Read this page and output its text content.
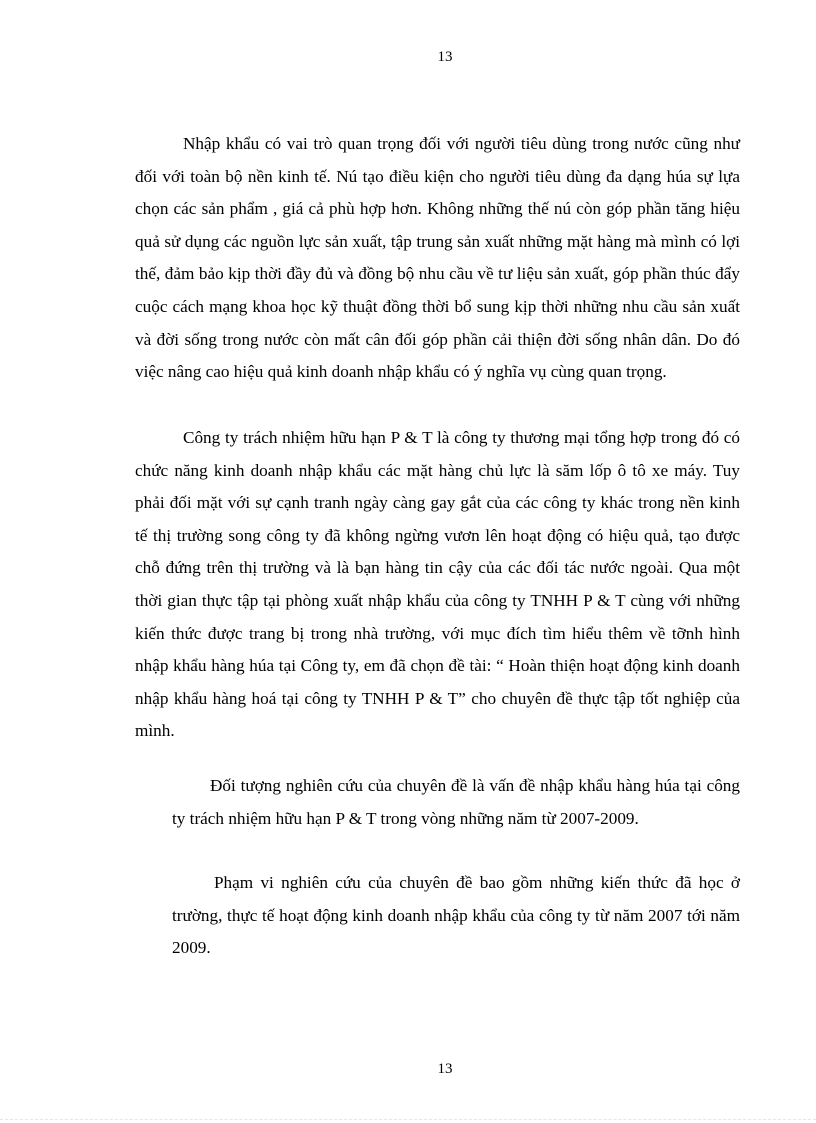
13

Nhập khẩu có vai trò quan trọng đối với người tiêu dùng trong nước cũng như đối với toàn bộ nền kinh tế. Nú tạo điều kiện cho người tiêu dùng đa dạng húa sự lựa chọn các sản phẩm , giá cả phù hợp hơn. Không những thế nú còn góp phần tăng hiệu quả sử dụng các nguồn lực sản xuất, tập trung sản xuất những mặt hàng mà mình có lợi thế, đảm bảo kịp thời đầy đủ và đồng bộ nhu cầu về tư liệu sản xuất, góp phần thúc đẩy cuộc cách mạng khoa học kỹ thuật đồng thời bổ sung kịp thời những nhu cầu sản xuất và đời sống trong nước còn mất cân đối góp phần cải thiện đời sống nhân dân. Do đó việc nâng cao hiệu quả kinh doanh nhập khẩu có ý nghĩa vụ cùng quan trọng.

Công ty trách nhiệm hữu hạn P & T là công ty thương mại tổng hợp trong đó có chức năng kinh doanh nhập khẩu các mặt hàng chủ lực là săm lốp ô tô xe máy. Tuy phải đối mặt với sự cạnh tranh ngày càng gay gắt của các công ty khác trong nền kinh tế thị trường song công ty đã không ngừng vươn lên hoạt động có hiệu quả, tạo được chỗ đứng trên thị trường và là bạn hàng tin cậy của các đối tác nước ngoài. Qua một thời gian thực tập tại phòng xuất nhập khẩu của công ty TNHH P & T cùng với những kiến thức được trang bị trong nhà trường, với mục đích tìm hiểu thêm về tỡnh hình nhập khẩu hàng húa tại Công ty, em đã chọn đề tài: “ Hoàn thiện hoạt động kinh doanh nhập khẩu hàng hoá tại công ty TNHH P & T” cho chuyên đề thực tập tốt nghiệp của mình.

Đối tượng nghiên cứu của chuyên đề là vấn đề nhập khẩu hàng húa tại công ty trách nhiệm hữu hạn P & T trong vòng những năm từ 2007-2009.

Phạm vi nghiên cứu của chuyên đề bao gồm những kiến thức đã học ở trường, thực tế hoạt động kinh doanh nhập khẩu của công ty từ năm 2007 tới năm 2009.

13
